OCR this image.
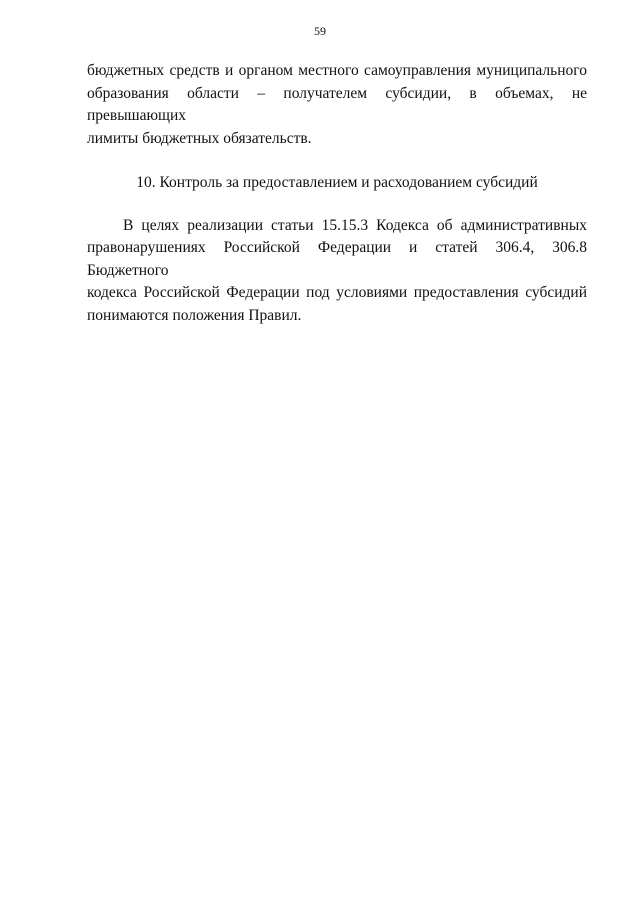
59

бюджетных средств и органом местного самоуправления муниципального
образования области – получателем субсидии, в объемах, не превышающих
лимиты бюджетных обязательств.

10. Контроль за предоставлением и расходованием субсидий

В целях реализации статьи 15.15.3 Кодекса об административных
правонарушениях Российской Федерации и статей 306.4, 306.8 Бюджетного
кодекса Российской Федерации под условиями предоставления субсидий
понимаются положения Правил.
